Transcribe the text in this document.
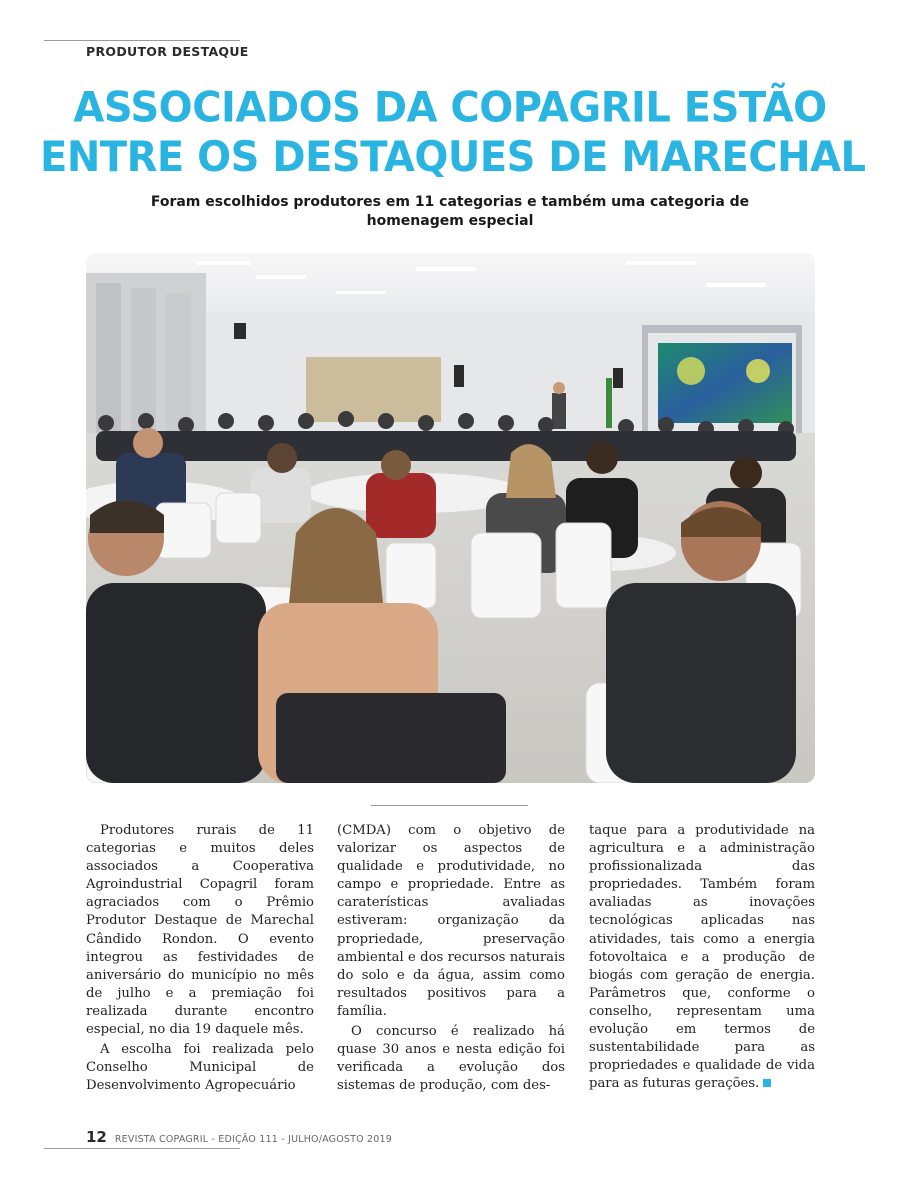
PRODUTOR DESTAQUE
ASSOCIADOS DA COPAGRIL ESTÃO
ENTRE OS DESTAQUES DE MARECHAL
Foram escolhidos produtores em 11 categorias e também uma categoria de
homenagem especial

Produtores rurais de 11 categorias e muitos deles associados a Cooperativa Agroindustrial Copagril foram agraciados com o Prêmio Produtor Destaque de Marechal Cândido Rondon. O evento integrou as festividades de aniversário do município no mês de julho e a premiação foi realizada durante encontro especial, no dia 19 daquele mês.

A escolha foi realizada pelo Conselho Municipal de Desenvolvimento Agropecuário

(CMDA) com o objetivo de valorizar os aspectos de qualidade e produtividade, no campo e propriedade. Entre as caraterísticas avaliadas estiveram: organização da propriedade, preservação ambiental e dos recursos naturais do solo e da água, assim como resultados positivos para a família.

O concurso é realizado há quase 30 anos e nesta edição foi verificada a evolução dos sistemas de produção, com des-

taque para a produtividade na agricultura e a administração profissionalizada das propriedades. Também foram avaliadas as inovações tecnológicas aplicadas nas atividades, tais como a energia fotovoltaica e a produção de biogás com geração de energia. Parâmetros que, conforme o conselho, representam uma evolução em termos de sustentabilidade para as propriedades e qualidade de vida para as futuras gerações.

12 REVISTA COPAGRIL - EDIÇÃO 111 - JULHO/AGOSTO 2019
